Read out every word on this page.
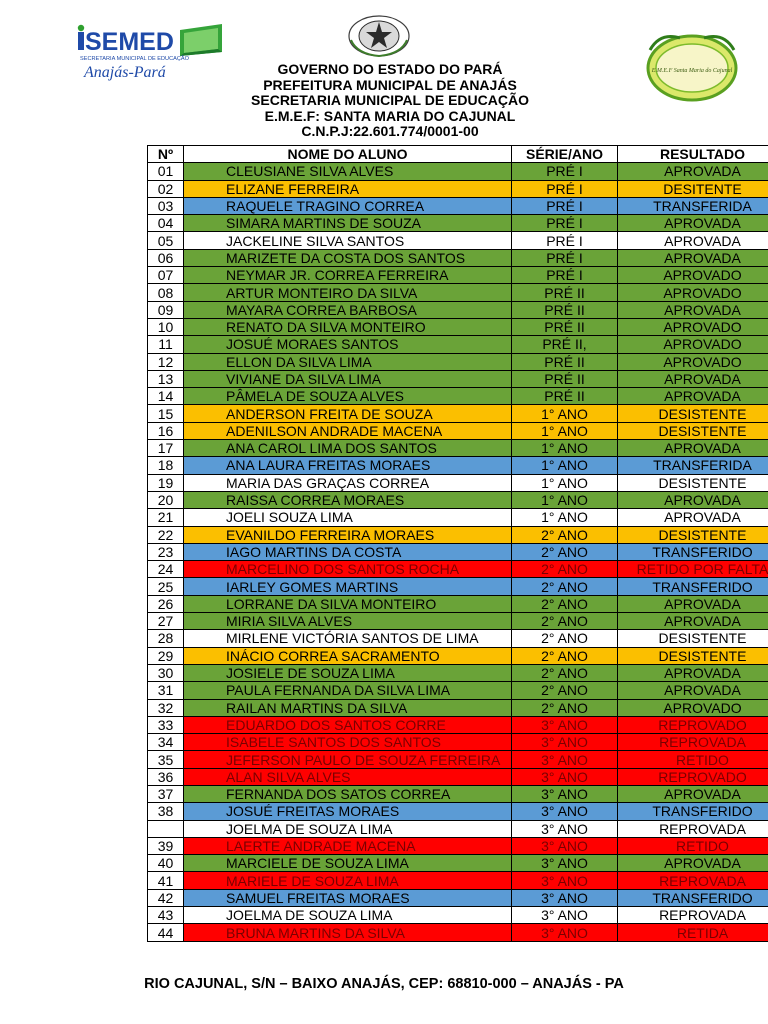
SEMED
SECRETARIA MUNICIPAL DE EDUCAÇÃO
Anajás-Pará	E.M.E.F Santa Maria do Cajunal
GOVERNO DO ESTADO DO PARÁ
PREFEITURA MUNICIPAL DE ANAJÁS
SECRETARIA MUNICIPAL DE EDUCAÇÃO
E.M.E.F: SANTA MARIA DO CAJUNAL
C.N.P.J:22.601.774/0001-00
Nº	NOME DO ALUNO	SÉRIE/ANO	RESULTADO
01	CLEUSIANE SILVA ALVES	PRÉ I	APROVADA
02	ELIZANE FERREIRA	PRÉ I	DESITENTE
03	RAQUELE TRAGINO CORREA	PRÉ I	TRANSFERIDA
04	SIMARA MARTINS DE SOUZA	PRÉ I	APROVADA
05	JACKELINE SILVA SANTOS	PRÉ I	APROVADA
06	MARIZETE DA COSTA DOS SANTOS	PRÉ I	APROVADA
07	NEYMAR JR. CORREA FERREIRA	PRÉ I	APROVADO
08	ARTUR MONTEIRO DA SILVA	PRÉ II	APROVADO
09	MAYARA CORREA BARBOSA	PRÉ II	APROVADA
10	RENATO DA SILVA MONTEIRO	PRÉ II	APROVADO
11	JOSUÉ MORAES SANTOS	PRÉ II,	APROVADO
12	ELLON DA SILVA LIMA	PRÉ II	APROVADO
13	VIVIANE DA SILVA LIMA	PRÉ II	APROVADA
14	PÂMELA DE SOUZA ALVES	PRÉ II	APROVADA
15	ANDERSON FREITA DE SOUZA	1° ANO	DESISTENTE
16	ADENILSON ANDRADE MACENA	1° ANO	DESISTENTE
17	ANA CAROL LIMA DOS SANTOS	1° ANO	APROVADA
18	ANA LAURA FREITAS MORAES	1° ANO	TRANSFERIDA
19	MARIA DAS GRAÇAS CORREA	1° ANO	DESISTENTE
20	RAISSA CORREA MORAES	1° ANO	APROVADA
21	JOELI SOUZA LIMA	1° ANO	APROVADA
22	EVANILDO FERREIRA MORAES	2° ANO	DESISTENTE
23	IAGO MARTINS DA COSTA	2° ANO	TRANSFERIDO
24	MARCELINO DOS SANTOS ROCHA	2° ANO	RETIDO POR FALTA
25	IARLEY GOMES MARTINS	2° ANO	TRANSFERIDO
26	LORRANE DA SILVA MONTEIRO	2° ANO	APROVADA
27	MIRIA SILVA ALVES	2° ANO	APROVADA
28	MIRLENE VICTÓRIA SANTOS DE LIMA	2° ANO	DESISTENTE
29	INÁCIO CORREA SACRAMENTO	2° ANO	DESISTENTE
30	JOSIELE DE SOUZA LIMA	2° ANO	APROVADA
31	PAULA FERNANDA DA SILVA LIMA	2° ANO	APROVADA
32	RAILAN MARTINS DA SILVA	2° ANO	APROVADO
33	EDUARDO DOS SANTOS CORRE	3° ANO	REPROVADO
34	ISABELE SANTOS DOS SANTOS	3° ANO	REPROVADA
35	JEFERSON PAULO DE SOUZA FERREIRA	3° ANO	RETIDO
36	ALAN SILVA ALVES	3° ANO	REPROVADO
37	FERNANDA DOS SATOS CORREA	3° ANO	APROVADA
38	JOSUÉ FREITAS MORAES	3° ANO	TRANSFERIDO
	JOELMA DE SOUZA LIMA	3° ANO	REPROVADA
39	LAERTE ANDRADE MACENA	3° ANO	RETIDO
40	MARCIELE DE SOUZA LIMA	3° ANO	APROVADA
41	MARIELE DE SOUZA LIMA	3° ANO	REPROVADA
42	SAMUEL FREITAS MORAES	3° ANO	TRANSFERIDO
43	JOELMA DE SOUZA LIMA	3° ANO	REPROVADA
44	BRUNA MARTINS DA SILVA	3° ANO	RETIDA
RIO CAJUNAL, S/N – BAIXO ANAJÁS, CEP: 68810-000 – ANAJÁS - PA
